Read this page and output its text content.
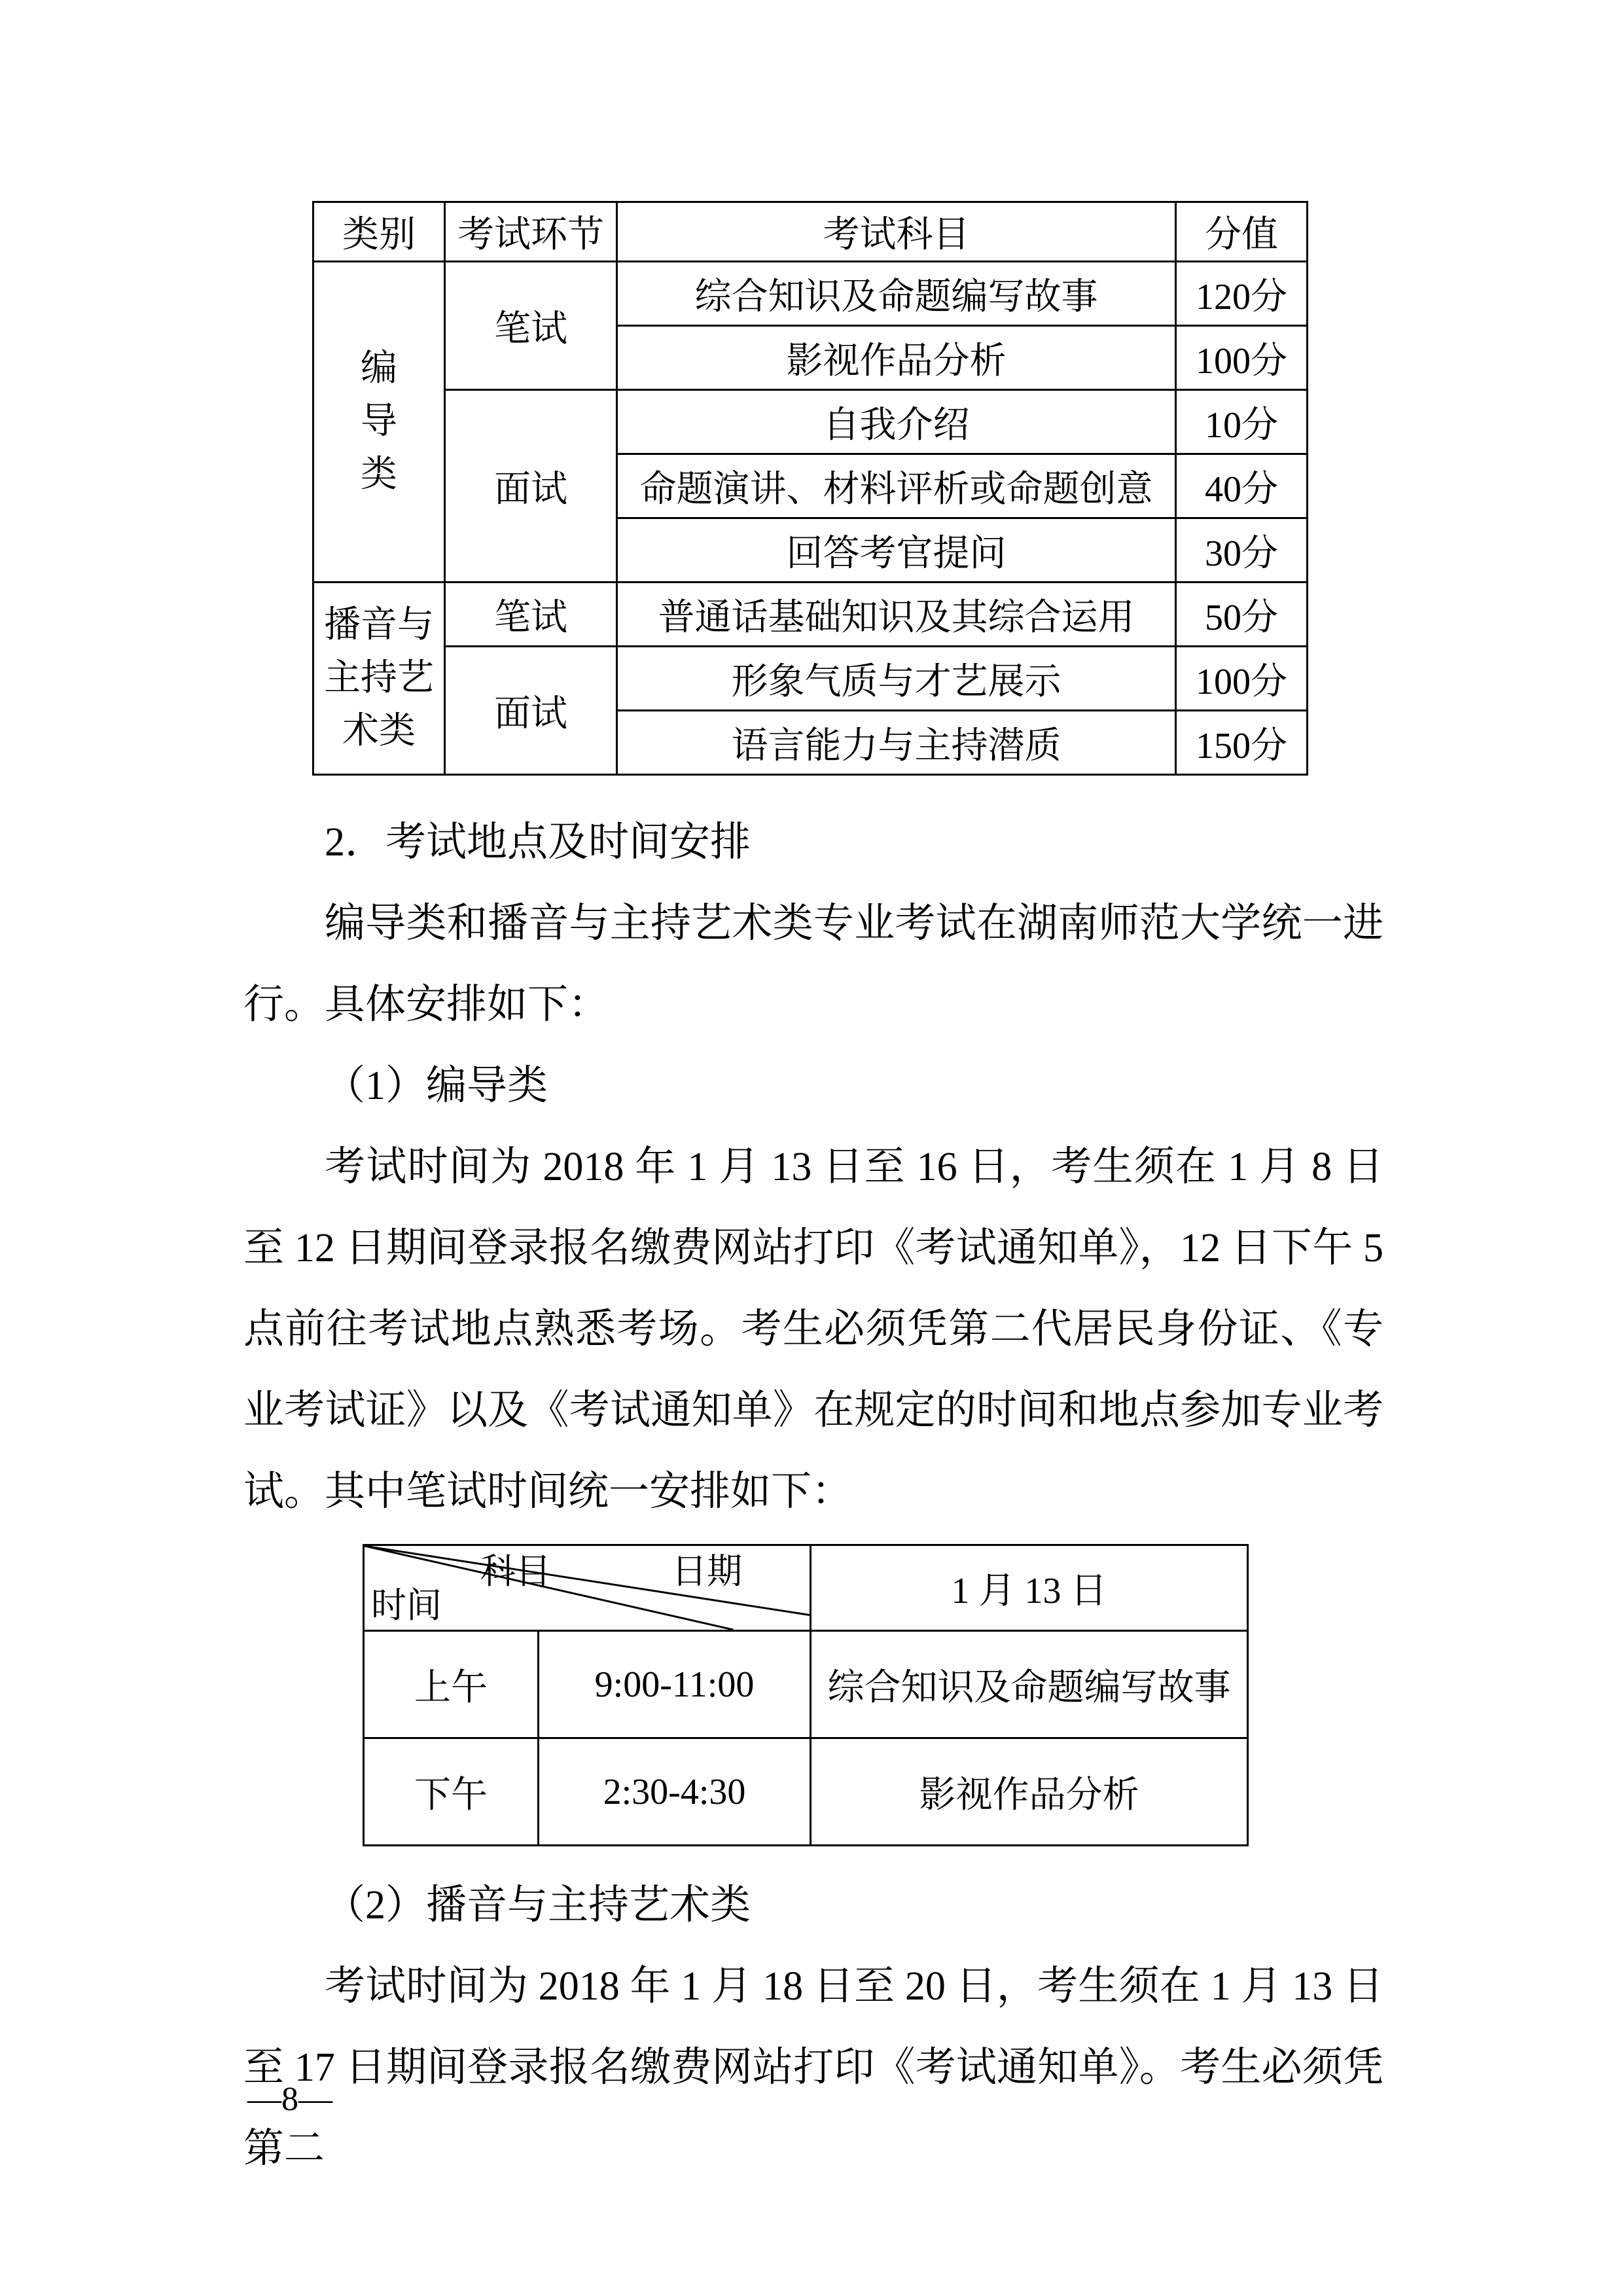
类别	考试环节	考试科目	分值
编导类	笔试	综合知识及命题编写故事	120分
		影视作品分析	100分
	面试	自我介绍	10分
		命题演讲、材料评析或命题创意	40分
		回答考官提问	30分
播音与主持艺术类	笔试	普通话基础知识及其综合运用	50分
	面试	形象气质与才艺展示	100分
		语言能力与主持潜质	150分

2．考试地点及时间安排

编导类和播音与主持艺术类专业考试在湖南师范大学统一进行。具体安排如下：

（1）编导类

考试时间为 2018 年 1 月 13 日至 16 日，考生须在 1 月 8 日至 12 日期间登录报名缴费网站打印《考试通知单》，12 日下午 5 点前往考试地点熟悉考场。考生必须凭第二代居民身份证、《专业考试证》以及《考试通知单》在规定的时间和地点参加专业考试。其中笔试时间统一安排如下：

科目 日期
时间		1 月 13 日
上午	9:00-11:00	综合知识及命题编写故事
下午	2:30-4:30	影视作品分析

（2）播音与主持艺术类

考试时间为 2018 年 1 月 18 日至 20 日，考生须在 1 月 13 日至 17 日期间登录报名缴费网站打印《考试通知单》。考生必须凭第二

—8—
